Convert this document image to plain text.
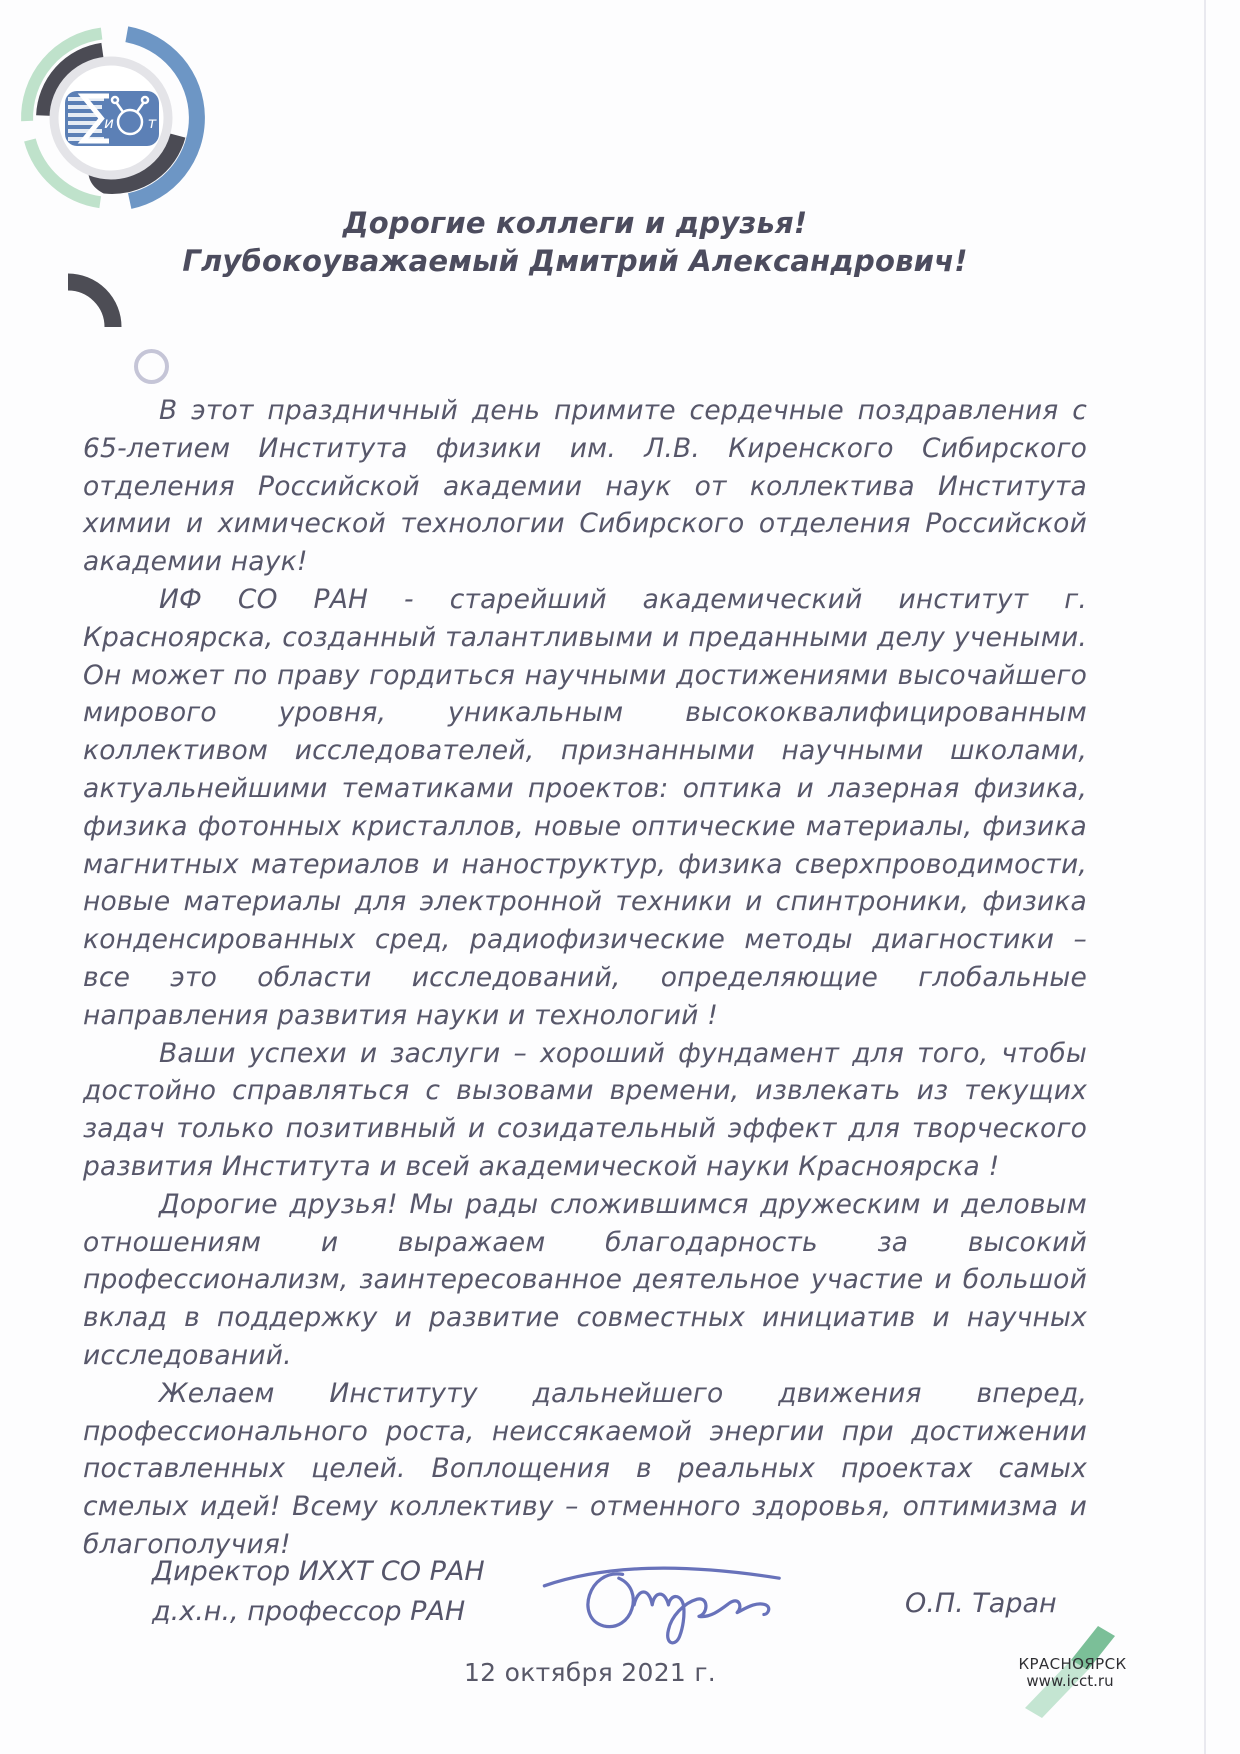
и т
Дорогие коллеги и друзья!
Глубокоуважаемый Дмитрий Александрович!

В этот праздничный день примите сердечные поздравления с 65-летием Института физики им. Л.В. Киренского Сибирского отделения Российской академии наук от коллектива Института химии и химической технологии Сибирского отделения Российской академии наук!

ИФ СО РАН - старейший академический институт г. Красноярска, созданный талантливыми и преданными делу учеными. Он может по праву гордиться научными достижениями высочайшего мирового уровня, уникальным высококвалифицированным коллективом исследователей, признанными научными школами, актуальнейшими тематиками проектов: оптика и лазерная физика, физика фотонных кристаллов, новые оптические материалы, физика магнитных материалов и наноструктур, физика сверхпроводимости, новые материалы для электронной техники и спинтроники, физика конденсированных сред, радиофизические методы диагностики – все это области исследований, определяющие глобальные направления развития науки и технологий !

Ваши успехи и заслуги – хороший фундамент для того, чтобы достойно справляться с вызовами времени, извлекать из текущих задач только позитивный и созидательный эффект для творческого развития Института и всей академической науки Красноярска !

Дорогие друзья! Мы рады сложившимся дружеским и деловым отношениям и выражаем благодарность за высокий профессионализм, заинтересованное деятельное участие и большой вклад в поддержку и развитие совместных инициатив и научных исследований.

Желаем Институту дальнейшего движения вперед, профессионального роста, неиссякаемой энергии при достижении поставленных целей. Воплощения в реальных проектах самых смелых идей! Всему коллективу – отменного здоровья, оптимизма и благополучия!

Директор ИХХТ СО РАН
д.х.н., профессор РАН	О.П. Таран
12 октября 2021 г.	КРАСНОЯРСК
www.icct.ru
